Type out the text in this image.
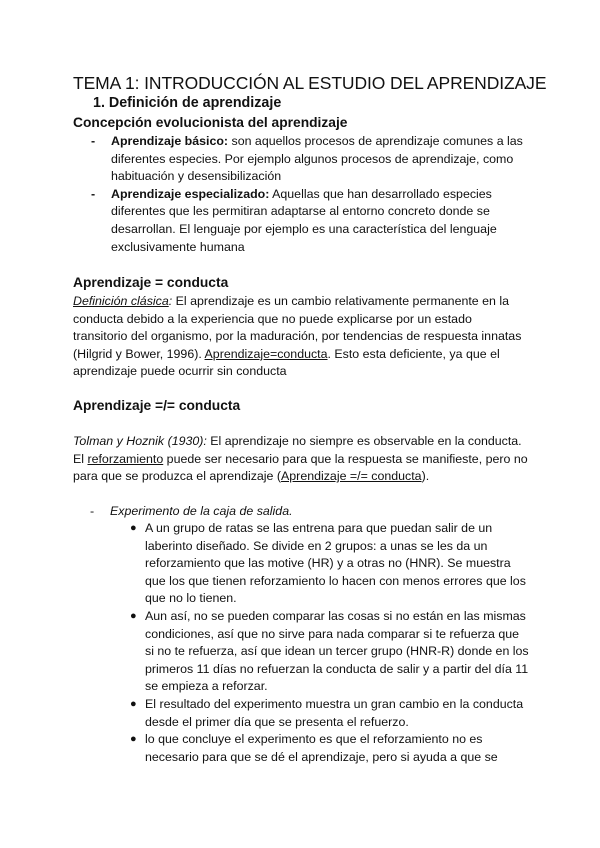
TEMA 1: INTRODUCCIÓN AL ESTUDIO DEL APRENDIZAJE
1. Definición de aprendizaje
Concepción evolucionista del aprendizaje
- Aprendizaje básico: son aquellos procesos de aprendizaje comunes a las diferentes especies. Por ejemplo algunos procesos de aprendizaje, como habituación y desensibilización
- Aprendizaje especializado: Aquellas que han desarrollado especies diferentes que les permitiran adaptarse al entorno concreto donde se desarrollan. El lenguaje por ejemplo es una característica del lenguaje exclusivamente humana
Aprendizaje = conducta
Definición clásica: El aprendizaje es un cambio relativamente permanente en la conducta debido a la experiencia que no puede explicarse por un estado transitorio del organismo, por la maduración, por tendencias de respuesta innatas (Hilgrid y Bower, 1996). Aprendizaje=conducta. Esto esta deficiente, ya que el aprendizaje puede ocurrir sin conducta
Aprendizaje =/= conducta
Tolman y Hoznik (1930): El aprendizaje no siempre es observable en la conducta. El reforzamiento puede ser necesario para que la respuesta se manifieste, pero no para que se produzca el aprendizaje (Aprendizaje =/= conducta).
-	Experimento de la caja de salida.
● A un grupo de ratas se las entrena para que puedan salir de un laberinto diseñado. Se divide en 2 grupos: a unas se les da un reforzamiento que las motive (HR) y a otras no (HNR). Se muestra que los que tienen reforzamiento lo hacen con menos errores que los que no lo tienen.
● Aun así, no se pueden comparar las cosas si no están en las mismas condiciones, así que no sirve para nada comparar si te refuerza que si no te refuerza, así que idean un tercer grupo (HNR-R) donde en los primeros 11 días no refuerzan la conducta de salir y a partir del día 11 se empieza a reforzar.
● El resultado del experimento muestra un gran cambio en la conducta desde el primer día que se presenta el refuerzo.
● lo que concluye el experimento es que el reforzamiento no es necesario para que se dé el aprendizaje, pero si ayuda a que se
